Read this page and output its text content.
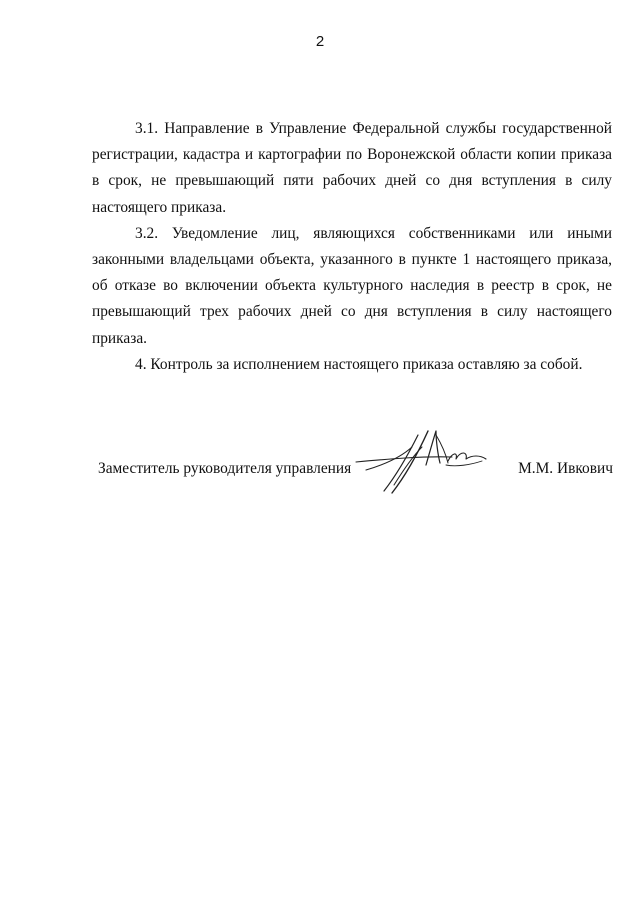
2

3.1. Направление в Управление Федеральной службы государственной регистрации, кадастра и картографии по Воронежской области копии приказа в срок, не превышающий пяти рабочих дней со дня вступления в силу настоящего приказа.

3.2. Уведомление лиц, являющихся собственниками или иными законными владельцами объекта, указанного в пункте 1 настоящего приказа, об отказе во включении объекта культурного наследия в реестр в срок, не превышающий трех рабочих дней со дня вступления в силу настоящего приказа.

4. Контроль за исполнением настоящего приказа оставляю за собой.

Заместитель руководителя управления	М.М. Ивкович
